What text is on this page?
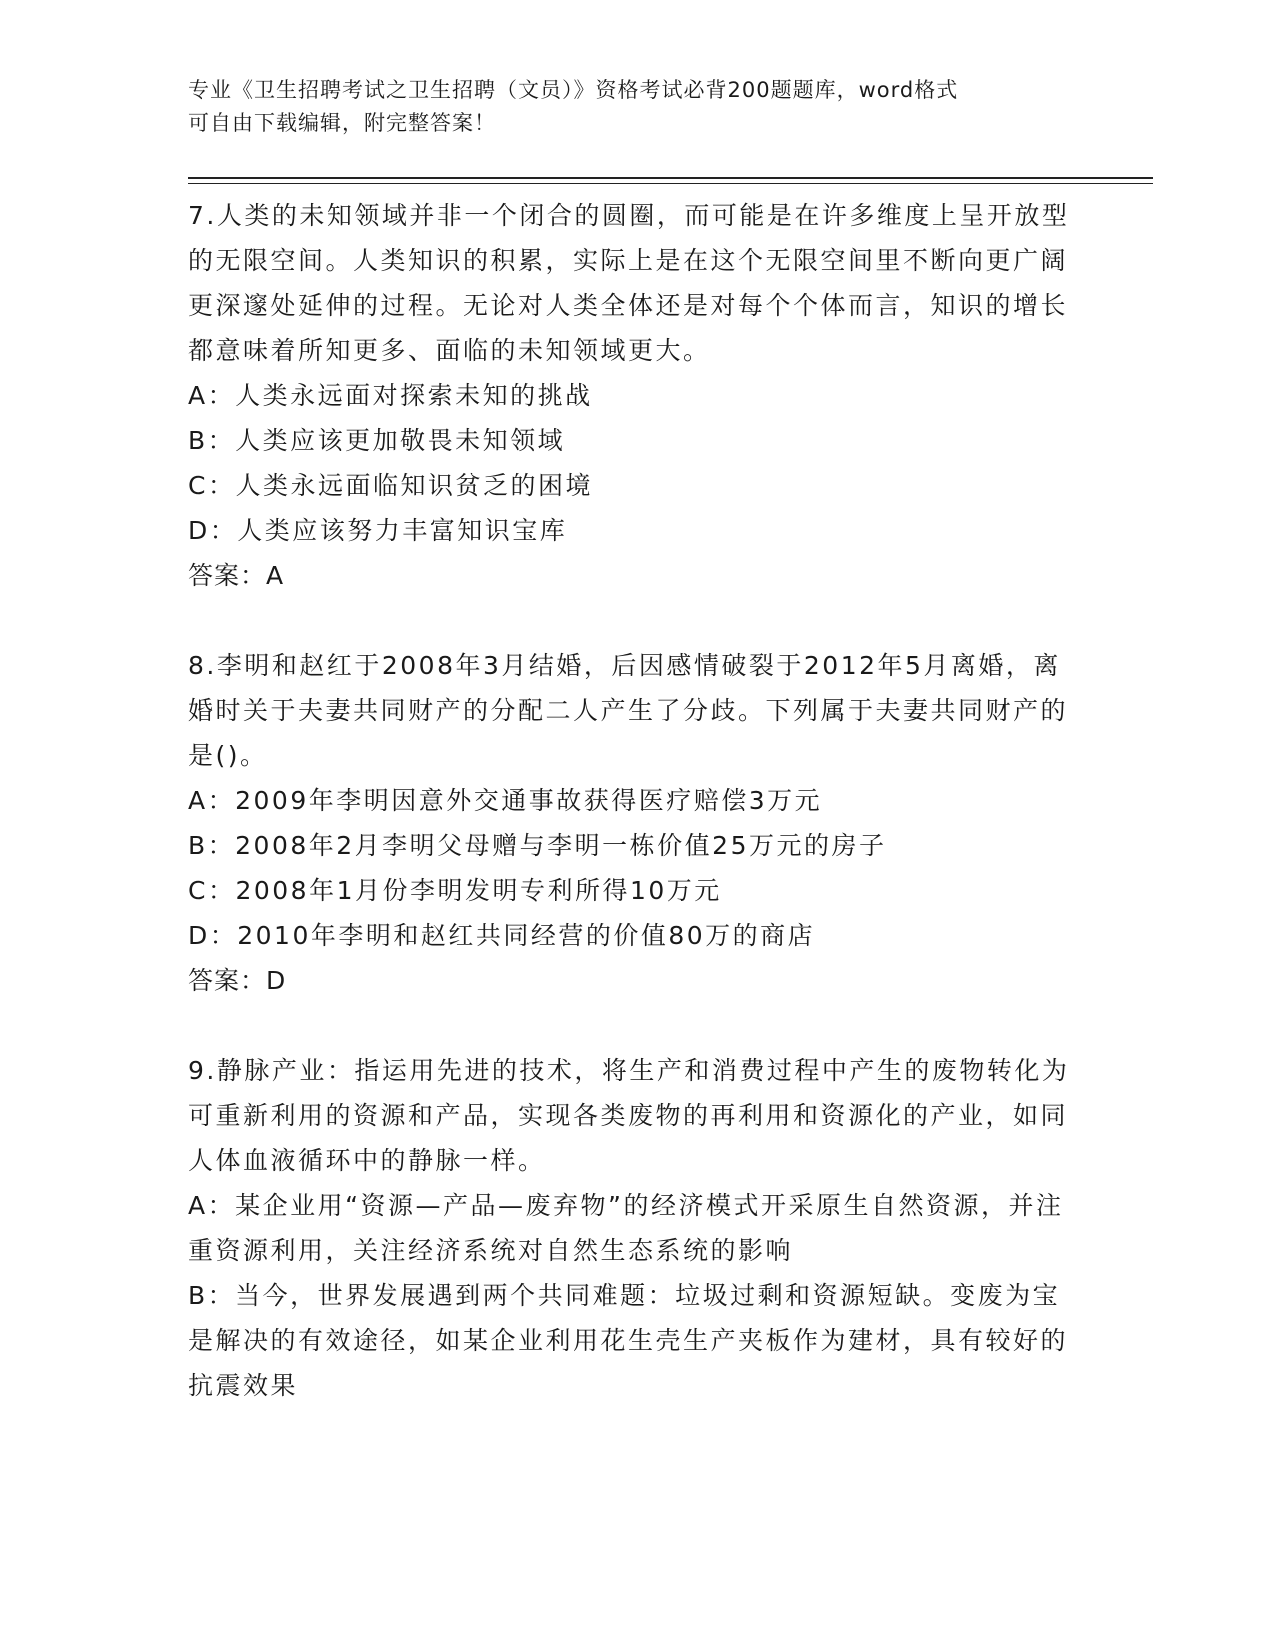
专业《卫生招聘考试之卫生招聘（文员）》资格考试必背200题题库，word格式
可自由下载编辑，附完整答案！

7.人类的未知领域并非一个闭合的圆圈，而可能是在许多维度上呈开放型的无限空间。人类知识的积累，实际上是在这个无限空间里不断向更广阔更深邃处延伸的过程。无论对人类全体还是对每个个体而言，知识的增长都意味着所知更多、面临的未知领域更大。

A：人类永远面对探索未知的挑战

B：人类应该更加敬畏未知领域

C：人类永远面临知识贫乏的困境

D：人类应该努力丰富知识宝库

答案：A

8.李明和赵红于2008年3月结婚，后因感情破裂于2012年5月离婚，离婚时关于夫妻共同财产的分配二人产生了分歧。下列属于夫妻共同财产的是()。

A：2009年李明因意外交通事故获得医疗赔偿3万元

B：2008年2月李明父母赠与李明一栋价值25万元的房子

C：2008年1月份李明发明专利所得10万元

D：2010年李明和赵红共同经营的价值80万的商店

答案：D

9.静脉产业：指运用先进的技术，将生产和消费过程中产生的废物转化为可重新利用的资源和产品，实现各类废物的再利用和资源化的产业，如同人体血液循环中的静脉一样。

A：某企业用“资源—产品—废弃物”的经济模式开采原生自然资源，并注重资源利用，关注经济系统对自然生态系统的影响

B：当今，世界发展遇到两个共同难题：垃圾过剩和资源短缺。变废为宝是解决的有效途径，如某企业利用花生壳生产夹板作为建材，具有较好的抗震效果
